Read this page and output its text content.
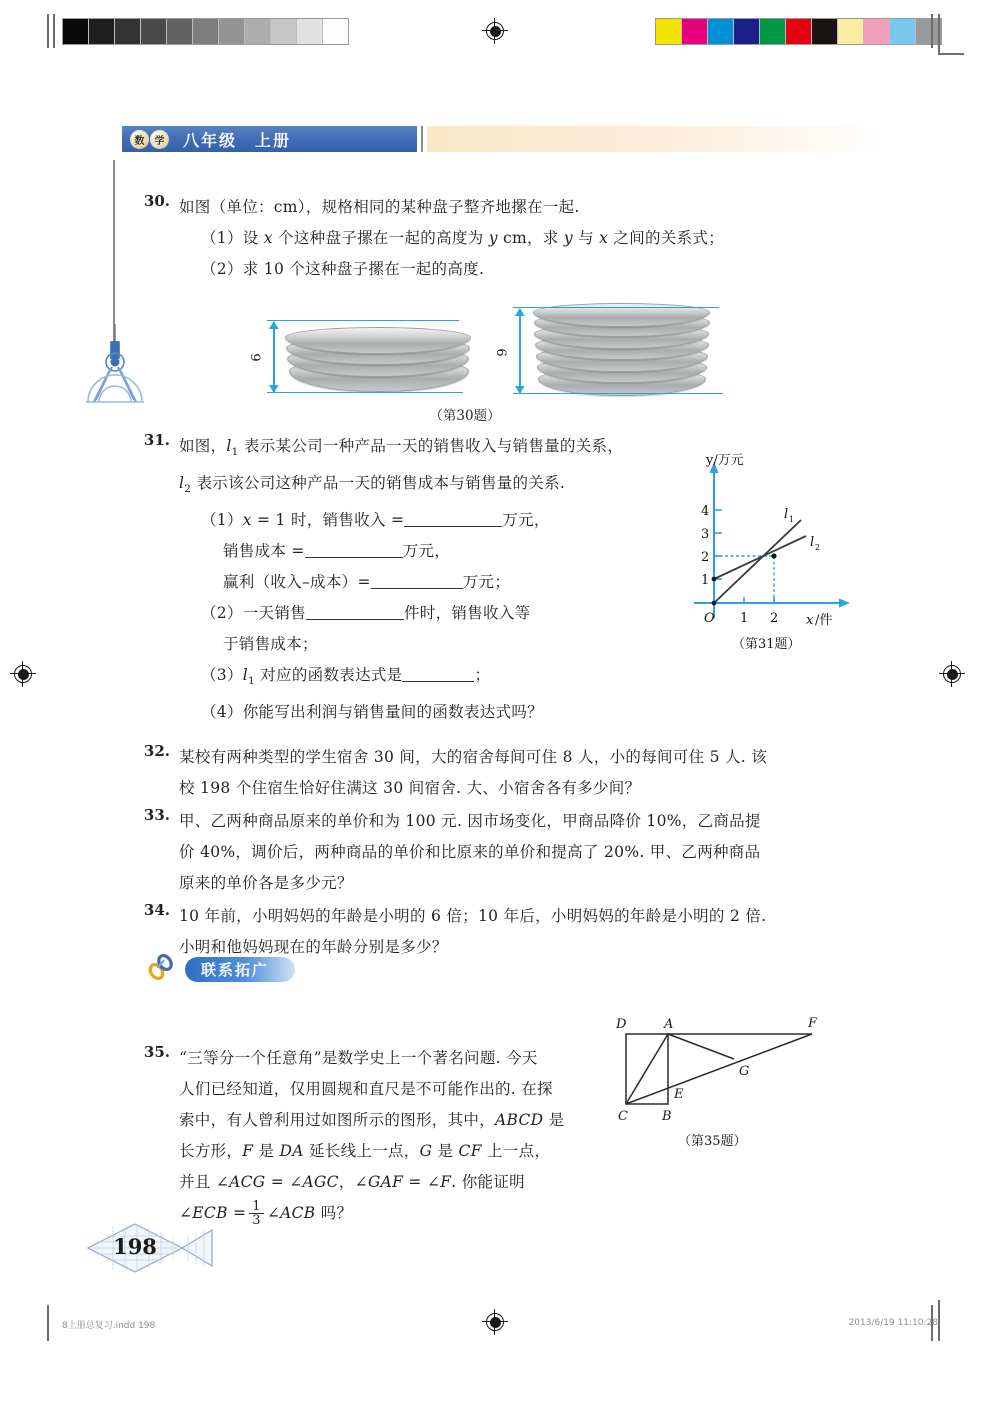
数	学 八年级　上册
30. 如图（单位：cm），规格相同的某种盘子整齐地摞在一起.
（1）设 x 个这种盘子摞在一起的高度为 y cm，求 y 与 x 之间的关系式；
（2）求 10 个这种盘子摞在一起的高度.
31. 如图，$l_1$ 表示某公司一种产品一天的销售收入与销售量的关系，
$l_2$ 表示该公司这种产品一天的销售成本与销售量的关系.
（1）x = 1 时，销售收入 =	万元，
销售成本 =	万元，
赢利（收入–成本）=	万元；
（2）一天销售	件时，销售收入等
于销售成本；
$(3)l_1$ 对应的函数表达式是	；
（4）你能写出利润与销售量间的函数表达式吗？
32. 某校有两种类型的学生宿舍 30 间，大的宿舍每间可住 8 人，小的每间可住 5 人. 该
校 198 个住宿生恰好住满这 30 间宿舍. 大、小宿舍各有多少间？
33. 甲、乙两种商品原来的单价和为 100 元. 因市场变化，甲商品降价 10%，乙商品提
价 40%，调价后，两种商品的单价和比原来的单价和提高了 20%. 甲、乙两种商品
原来的单价各是多少元？
34. 10 年前，小明妈妈的年龄是小明的 6 倍；10 年后，小明妈妈的年龄是小明的 2 倍.
小明和他妈妈现在的年龄分别是多少？
35. “三等分一个任意角”是数学史上一个著名问题. 今天
人们已经知道，仅用圆规和直尺是不可能作出的. 在探
索中，有人曾利用过如图所示的图形，其中，ABCD 是
长方形，F 是 DA 延长线上一点，G 是 CF 上一点，
并且 ∠ACG = ∠AGC，∠GAF = ∠F. 你能证明
∠ECB = $\frac{1}{3}$ ∠ACB 吗？
6
9
（第30题）
y/万元
x /件
4
3
2
1
O 1 2
l 1
l 2
（第31题）
联系拓广
D	A	F
G
E
C	B
（第35题）
198
8上册总复习.indd 198	2013/6/19 11:10:28
